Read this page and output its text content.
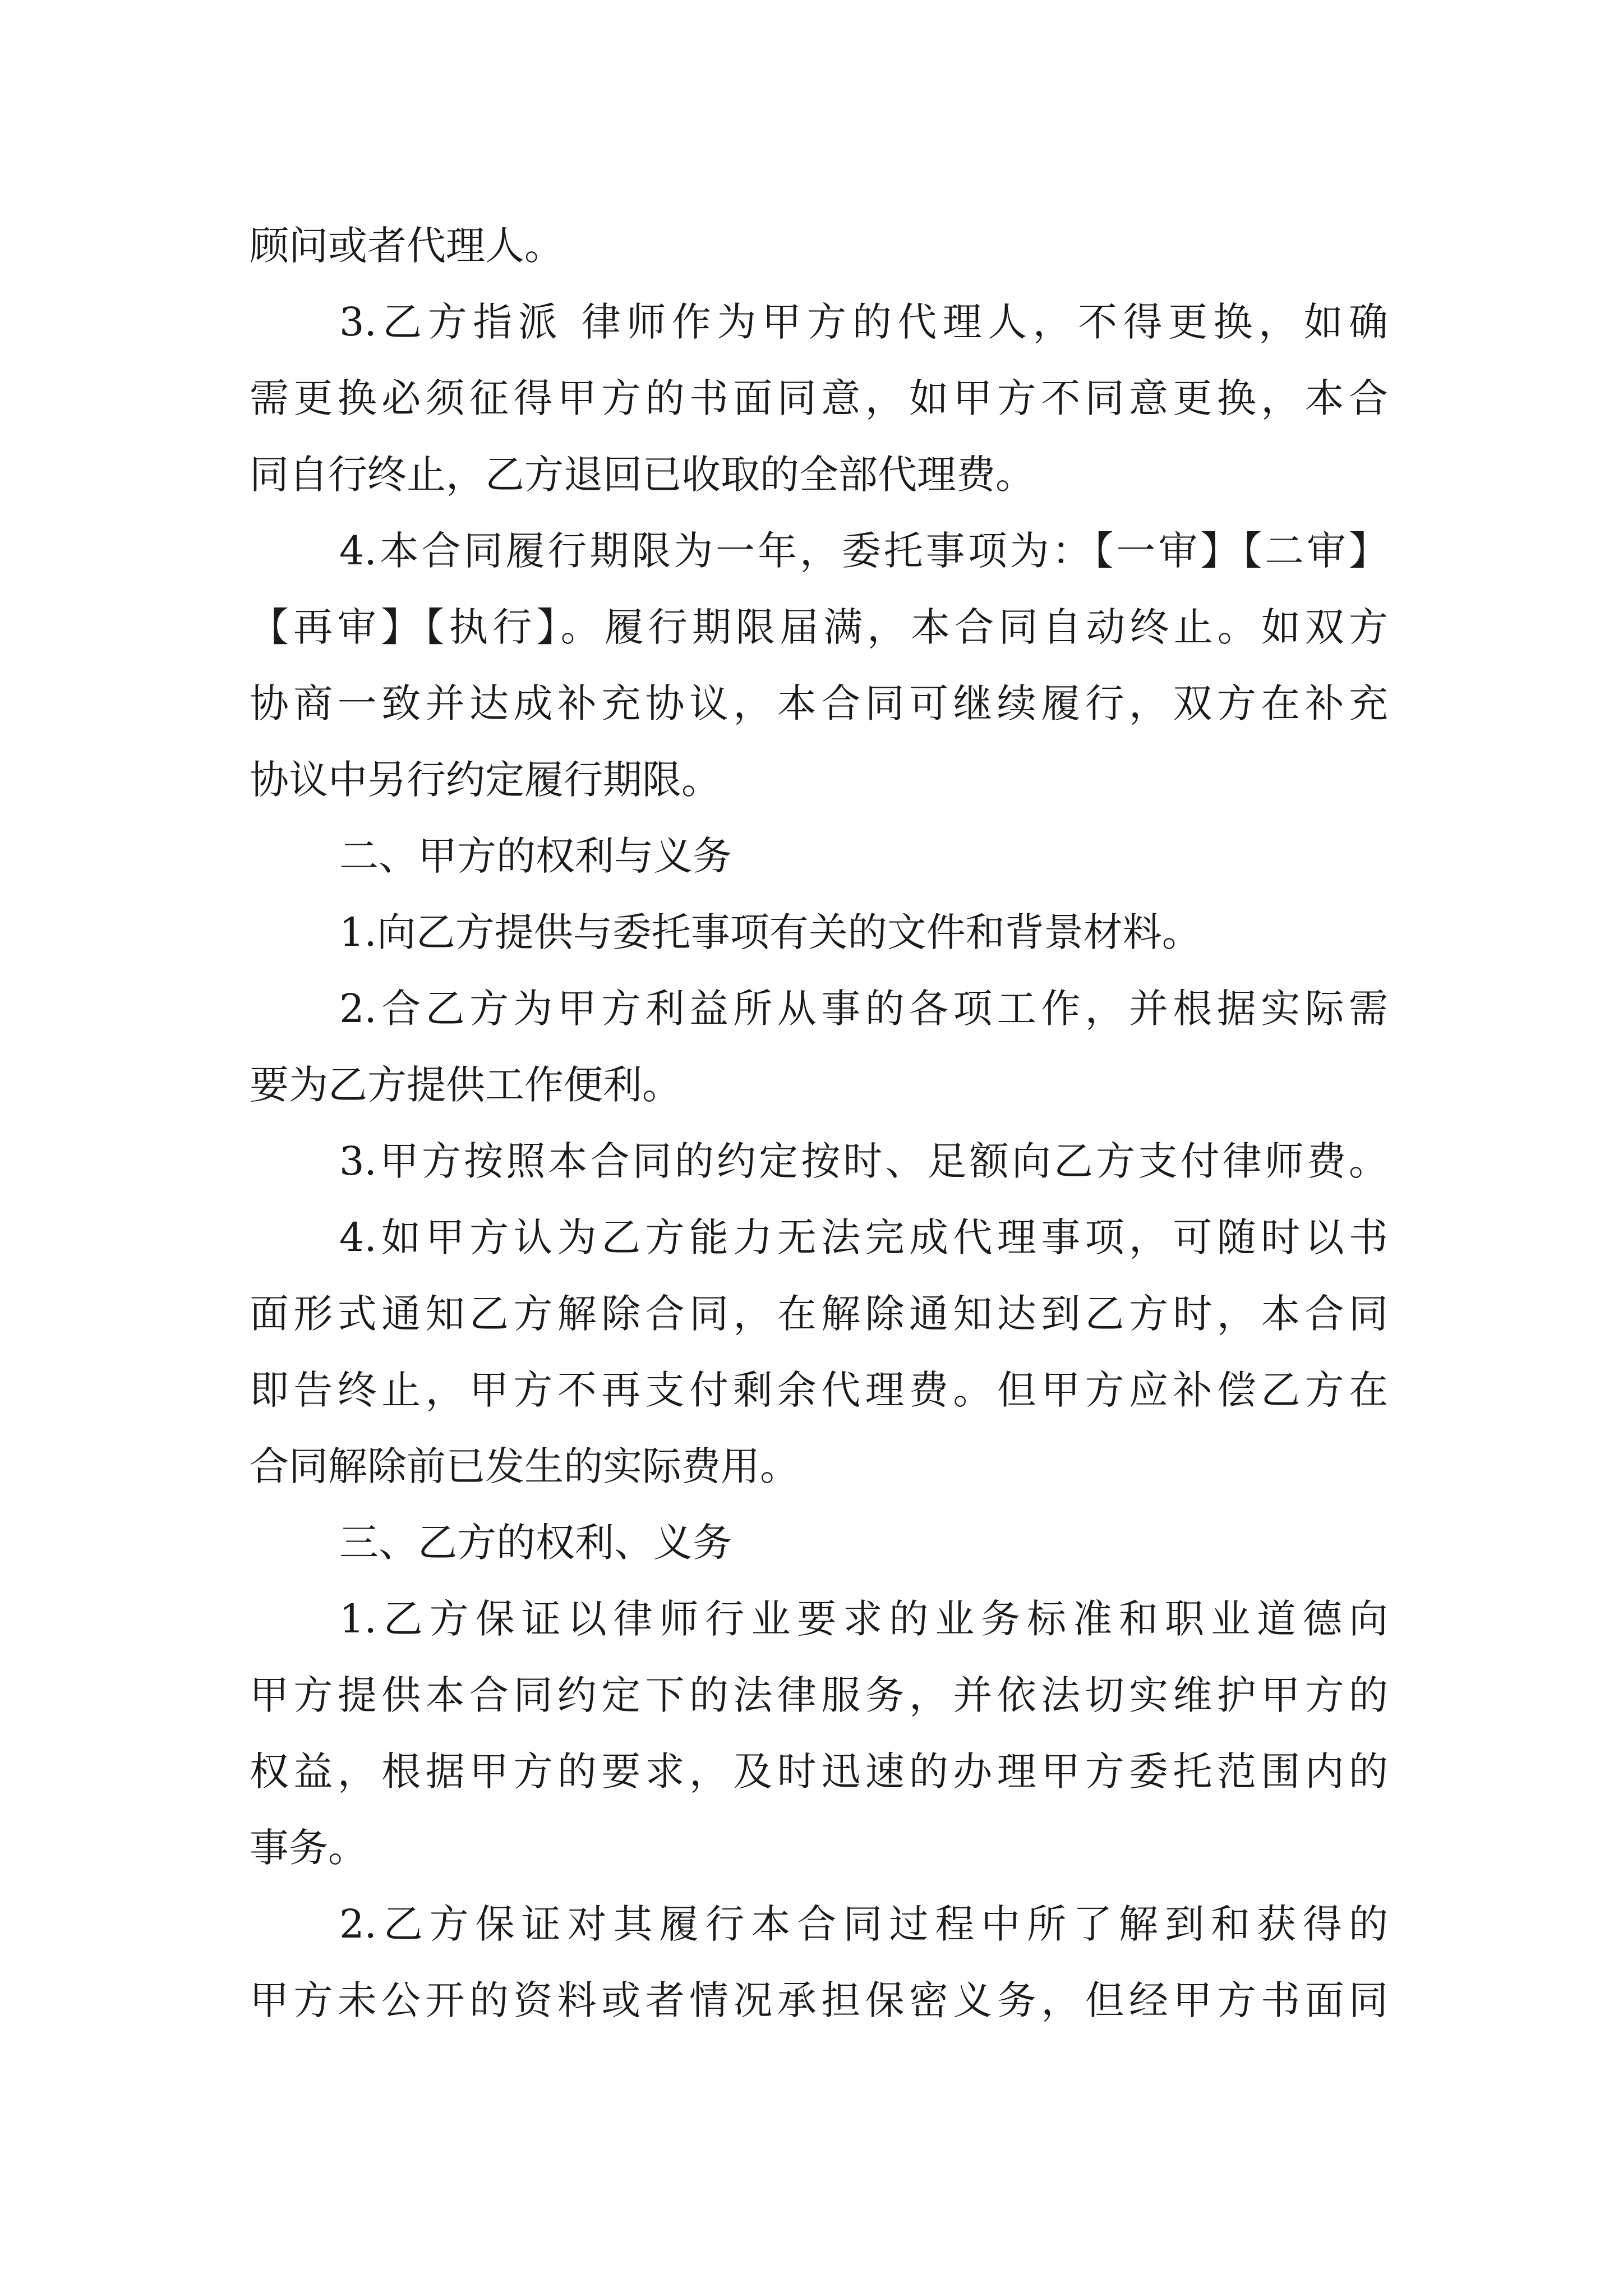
顾问或者代理人。
3.乙方指派 律师作为甲方的代理人，不得更换，如确
需更换必须征得甲方的书面同意，如甲方不同意更换，本合
同自行终止，乙方退回已收取的全部代理费。
4.本合同履行期限为一年，委托事项为：【一审】【二审】
【再审】【执行】。履行期限届满，本合同自动终止。如双方
协商一致并达成补充协议，本合同可继续履行，双方在补充
协议中另行约定履行期限。
二、甲方的权利与义务
1.向乙方提供与委托事项有关的文件和背景材料。
2.合乙方为甲方利益所从事的各项工作，并根据实际需
要为乙方提供工作便利。
3.甲方按照本合同的约定按时、足额向乙方支付律师费。
4.如甲方认为乙方能力无法完成代理事项，可随时以书
面形式通知乙方解除合同，在解除通知达到乙方时，本合同
即告终止，甲方不再支付剩余代理费。但甲方应补偿乙方在
合同解除前已发生的实际费用。
三、乙方的权利、义务
1.乙方保证以律师行业要求的业务标准和职业道德向
甲方提供本合同约定下的法律服务，并依法切实维护甲方的
权益，根据甲方的要求，及时迅速的办理甲方委托范围内的
事务。
2.乙方保证对其履行本合同过程中所了解到和获得的
甲方未公开的资料或者情况承担保密义务，但经甲方书面同
